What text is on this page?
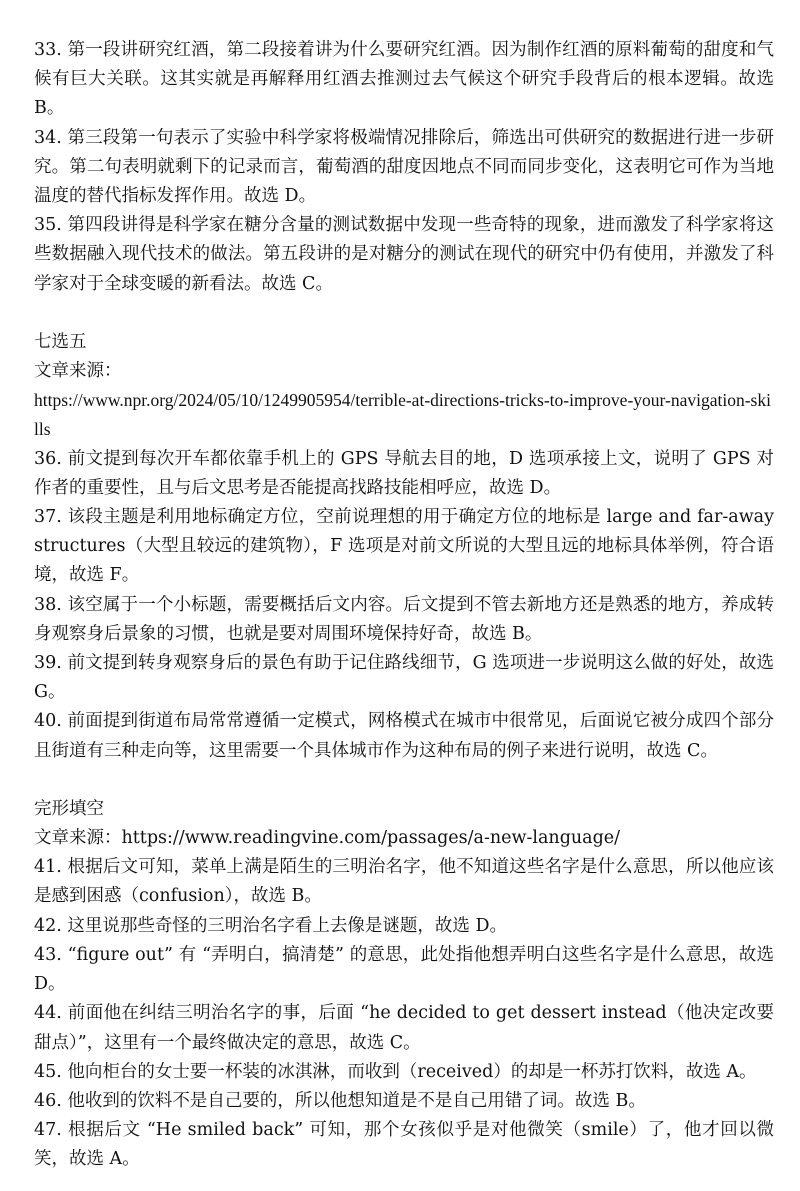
33. 第一段讲研究红酒，第二段接着讲为什么要研究红酒。因为制作红酒的原料葡萄的甜度和气候有巨大关联。这其实就是再解释用红酒去推测过去气候这个研究手段背后的根本逻辑。故选 B。

34. 第三段第一句表示了实验中科学家将极端情况排除后，筛选出可供研究的数据进行进一步研究。第二句表明就剩下的记录而言，葡萄酒的甜度因地点不同而同步变化，这表明它可作为当地温度的替代指标发挥作用。故选 D。

35. 第四段讲得是科学家在糖分含量的测试数据中发现一些奇特的现象，进而激发了科学家将这些数据融入现代技术的做法。第五段讲的是对糖分的测试在现代的研究中仍有使用，并激发了科学家对于全球变暖的新看法。故选 C。

七选五

文章来源：

https://www.npr.org/2024/05/10/1249905954/terrible-at-directions-tricks-to-improve-your-navigation-skills

36. 前文提到每次开车都依靠手机上的 GPS 导航去目的地，D 选项承接上文，说明了 GPS 对作者的重要性，且与后文思考是否能提高找路技能相呼应，故选 D。

37. 该段主题是利用地标确定方位，空前说理想的用于确定方位的地标是 large and far-away structures（大型且较远的建筑物），F 选项是对前文所说的大型且远的地标具体举例，符合语境，故选 F。

38. 该空属于一个小标题，需要概括后文内容。后文提到不管去新地方还是熟悉的地方，养成转身观察身后景象的习惯，也就是要对周围环境保持好奇，故选 B。

39. 前文提到转身观察身后的景色有助于记住路线细节，G 选项进一步说明这么做的好处，故选 G。

40. 前面提到街道布局常常遵循一定模式，网格模式在城市中很常见，后面说它被分成四个部分且街道有三种走向等，这里需要一个具体城市作为这种布局的例子来进行说明，故选 C。

完形填空

文章来源：https://www.readingvine.com/passages/a-new-language/

41. 根据后文可知，菜单上满是陌生的三明治名字，他不知道这些名字是什么意思，所以他应该是感到困惑（confusion），故选 B。

42. 这里说那些奇怪的三明治名字看上去像是谜题，故选 D。

43. “figure out” 有 “弄明白，搞清楚” 的意思，此处指他想弄明白这些名字是什么意思，故选 D。

44. 前面他在纠结三明治名字的事，后面 “he decided to get dessert instead（他决定改要甜点）”，这里有一个最终做决定的意思，故选 C。

45. 他向柜台的女士要一杯装的冰淇淋，而收到（received）的却是一杯苏打饮料，故选 A。

46. 他收到的饮料不是自己要的，所以他想知道是不是自己用错了词。故选 B。

47. 根据后文 “He smiled back” 可知，那个女孩似乎是对他微笑（smile）了，他才回以微笑，故选 A。
